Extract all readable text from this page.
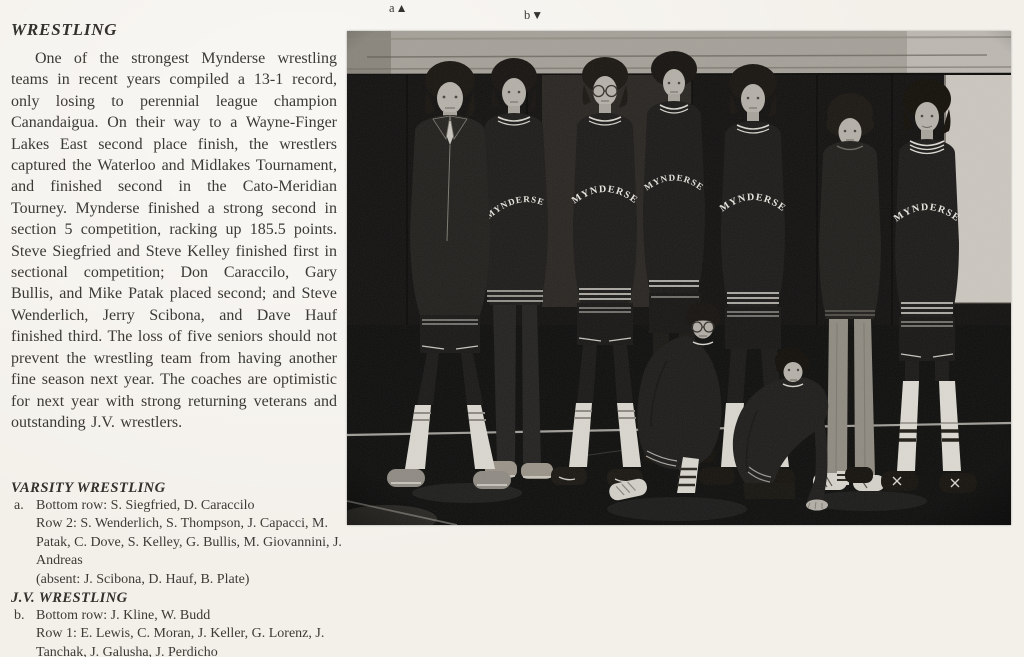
WRESTLING
One of the strongest Mynderse wrestling teams in recent years compiled a 13-1 record, only losing to perennial league champion Canandaigua. On their way to a Wayne-Finger Lakes East second place finish, the wrestlers captured the Waterloo and Midlakes Tournament, and finished second in the Cato-Meridian Tourney. Mynderse finished a strong second in section 5 competition, racking up 185.5 points. Steve Siegfried and Steve Kelley finished first in sectional competition; Don Caraccilo, Gary Bullis, and Mike Patak placed second; and Steve Wenderlich, Jerry Scibona, and Dave Hauf finished third. The loss of five seniors should not prevent the wrestling team from having another fine season next year. The coaches are optimistic for next year with strong returning veterans and outstanding J.V. wrestlers.
VARSITY WRESTLING
a. Bottom row: S. Siegfried, D. Caraccilo
Row 2: S. Wenderlich, S. Thompson, J. Capacci, M. Patak, C. Dove, S. Kelley, G. Bullis, M. Giovannini, J. Andreas
(absent: J. Scibona, D. Hauf, B. Plate)
J.V. WRESTLING
b. Bottom row: J. Kline, W. Budd
Row 1: E. Lewis, C. Moran, J. Keller, G. Lorenz, J. Tanchak, J. Galusha, J. Perdicho
a▲	b▼
